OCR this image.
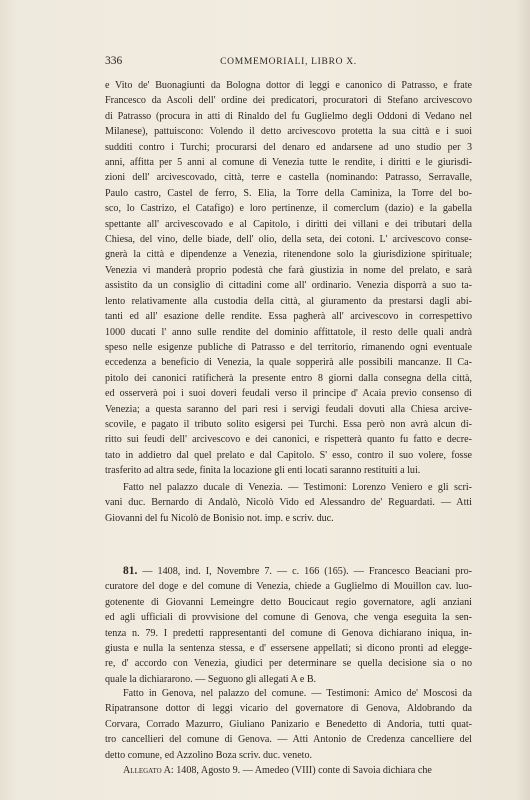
336	COMMEMORIALI, LIBRO X.
e Vito de' Buonagiunti da Bologna dottor di leggi e canonico di Patrasso, e frate
Francesco da Ascoli dell' ordine dei predicatori, procuratori di Stefano arcivescovo
di Patrasso (procura in atti di Rinaldo del fu Guglielmo degli Oddoni di Vedano nel
Milanese), pattuiscono: Volendo il detto arcivescovo protetta la sua città e i suoi
sudditi contro i Turchi; procurarsi del denaro ed andarsene ad uno studio per 3
anni, affitta per 5 anni al comune di Venezia tutte le rendite, i diritti e le giurisdi-
zioni dell' arcivescovado, città, terre e castella (nominando: Patrasso, Serravalle,
Paulo castro, Castel de ferro, S. Elia, la Torre della Caminiza, la Torre del bo-
sco, lo Castrizo, el Catafigo) e loro pertinenze, il comerclum (dazio) e la gabella
spettante all' arcivescovado e al Capitolo, i diritti dei villani e dei tributari della
Chiesa, del vino, delle biade, dell' olio, della seta, dei cotoni. L' arcivescovo conse-
gnerà la città e dipendenze a Venezia, ritenendone solo la giurisdizione spirituale;
Venezia vi manderà proprio podestà che farà giustizia in nome del prelato, e sarà
assistito da un consiglio di cittadini come all' ordinario. Venezia disporrà a suo ta-
lento relativamente alla custodia della città, al giuramento da prestarsi dagli abi-
tanti ed all' esazione delle rendite. Essa pagherà all' arcivescovo in correspettivo
1000 ducati l' anno sulle rendite del dominio affittatole, il resto delle quali andrà
speso nelle esigenze publiche di Patrasso e del territorio, rimanendo ogni eventuale
eccedenza a beneficio di Venezia, la quale sopperirà alle possibili mancanze. Il Ca-
pitolo dei canonici ratificherà la presente entro 8 giorni dalla consegna della città,
ed osserverà poi i suoi doveri feudali verso il principe d' Acaia previo consenso di
Venezia; a questa saranno del pari resi i servigi feudali dovuti alla Chiesa arcive-
scovile, e pagato il tributo solito esigersi pei Turchi. Essa però non avrà alcun di-
ritto sui feudi dell' arcivescovo e dei canonici, e rispetterà quanto fu fatto e decre-
tato in addietro dal quel prelato e dal Capitolo. S' esso, contro il suo volere, fosse
trasferito ad altra sede, finita la locazione gli enti locati saranno restituiti a lui.
Fatto nel palazzo ducale di Venezia. — Testimoni: Lorenzo Veniero e gli scri-
vani duc. Bernardo di Andalò, Nicolò Vido ed Alessandro de' Reguardati. — Atti
Giovanni del fu Nicolò de Bonisio not. imp. e scriv. duc.
81. — 1408, ind. I, Novembre 7. — c. 166 (165). — Francesco Beaciani pro-
curatore del doge e del comune di Venezia, chiede a Guglielmo di Mouillon cav. luo-
gotenente di Giovanni Lemeingre detto Boucicaut regio governatore, agli anziani
ed agli ufficiali di provvisione del comune di Genova, che venga eseguita la sen-
tenza n. 79. I predetti rappresentanti del comune di Genova dichiarano iniqua, in-
giusta e nulla la sentenza stessa, e d' essersene appellati; si dicono pronti ad elegge-
re, d' accordo con Venezia, giudici per determinare se quella decisione sia o no
quale la dichiararono. — Seguono gli allegati A e B.
Fatto in Genova, nel palazzo del comune. — Testimoni: Amico de' Moscosi da
Ripatransone dottor di leggi vicario del governatore di Genova, Aldobrando da
Corvara, Corrado Mazurro, Giuliano Panizario e Benedetto di Andoria, tutti quat-
tro cancellieri del comune di Genova. — Atti Antonio de Credenza cancelliere del
detto comune, ed Azzolino Boza scriv. duc. veneto.
Allegato A: 1408, Agosto 9. — Amedeo (VIII) conte di Savoia dichiara che
